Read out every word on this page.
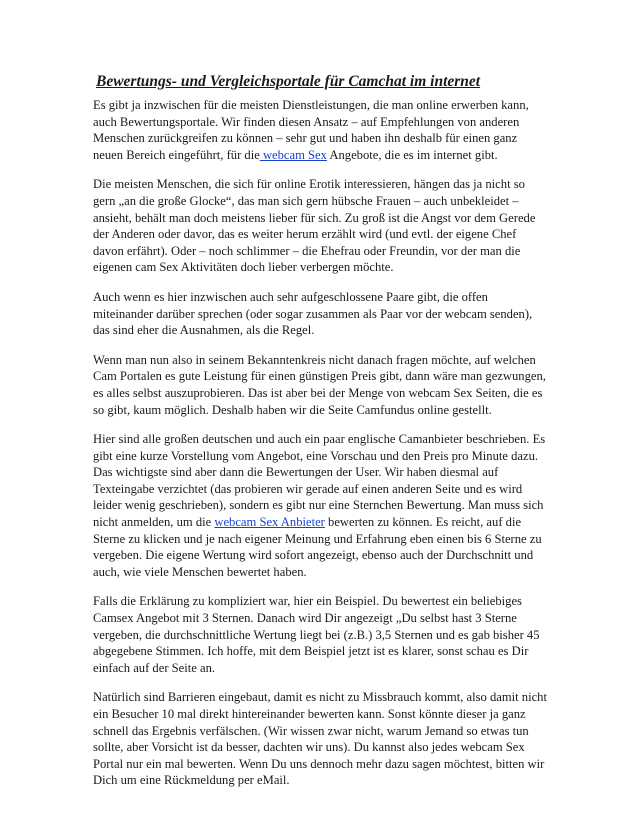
Bewertungs- und Vergleichsportale für Camchat im internet

Es gibt ja inzwischen für die meisten Dienstleistungen, die man online erwerben kann, auch Bewertungsportale. Wir finden diesen Ansatz – auf Empfehlungen von anderen Menschen zurückgreifen zu können – sehr gut und haben ihn deshalb für einen ganz neuen Bereich eingeführt, für die webcam Sex Angebote, die es im internet gibt.

Die meisten Menschen, die sich für online Erotik interessieren, hängen das ja nicht so gern „an die große Glocke“, das man sich gern hübsche Frauen – auch unbekleidet – ansieht, behält man doch meistens lieber für sich. Zu groß ist die Angst vor dem Gerede der Anderen oder davor, das es weiter herum erzählt wird (und evtl. der eigene Chef davon erfährt). Oder – noch schlimmer – die Ehefrau oder Freundin, vor der man die eigenen cam Sex Aktivitäten doch lieber verbergen möchte.

Auch wenn es hier inzwischen auch sehr aufgeschlossene Paare gibt, die offen miteinander darüber sprechen (oder sogar zusammen als Paar vor der webcam senden), das sind eher die Ausnahmen, als die Regel.

Wenn man nun also in seinem Bekanntenkreis nicht danach fragen möchte, auf welchen Cam Portalen es gute Leistung für einen günstigen Preis gibt, dann wäre man gezwungen, es alles selbst auszuprobieren. Das ist aber bei der Menge von webcam Sex Seiten, die es so gibt, kaum möglich. Deshalb haben wir die Seite Camfundus online gestellt.

Hier sind alle großen deutschen und auch ein paar englische Camanbieter beschrieben. Es gibt eine kurze Vorstellung vom Angebot, eine Vorschau und den Preis pro Minute dazu. Das wichtigste sind aber dann die Bewertungen der User. Wir haben diesmal auf Texteingabe verzichtet (das probieren wir gerade auf einen anderen Seite und es wird leider wenig geschrieben), sondern es gibt nur eine Sternchen Bewertung. Man muss sich nicht anmelden, um die webcam Sex Anbieter bewerten zu können. Es reicht, auf die Sterne zu klicken und je nach eigener Meinung und Erfahrung eben einen bis 6 Sterne zu vergeben. Die eigene Wertung wird sofort angezeigt, ebenso auch der Durchschnitt und auch, wie viele Menschen bewertet haben.

Falls die Erklärung zu kompliziert war, hier ein Beispiel. Du bewertest ein beliebiges Camsex Angebot mit 3 Sternen. Danach wird Dir angezeigt „Du selbst hast 3 Sterne vergeben, die durchschnittliche Wertung liegt bei (z.B.) 3,5 Sternen und es gab bisher 45 abgegebene Stimmen. Ich hoffe, mit dem Beispiel jetzt ist es klarer, sonst schau es Dir einfach auf der Seite an.

Natürlich sind Barrieren eingebaut, damit es nicht zu Missbrauch kommt, also damit nicht ein Besucher 10 mal direkt hintereinander bewerten kann. Sonst könnte dieser ja ganz schnell das Ergebnis verfälschen. (Wir wissen zwar nicht, warum Jemand so etwas tun sollte, aber Vorsicht ist da besser, dachten wir uns). Du kannst also jedes webcam Sex Portal nur ein mal bewerten. Wenn Du uns dennoch mehr dazu sagen möchtest, bitten wir Dich um eine Rückmeldung per eMail.
